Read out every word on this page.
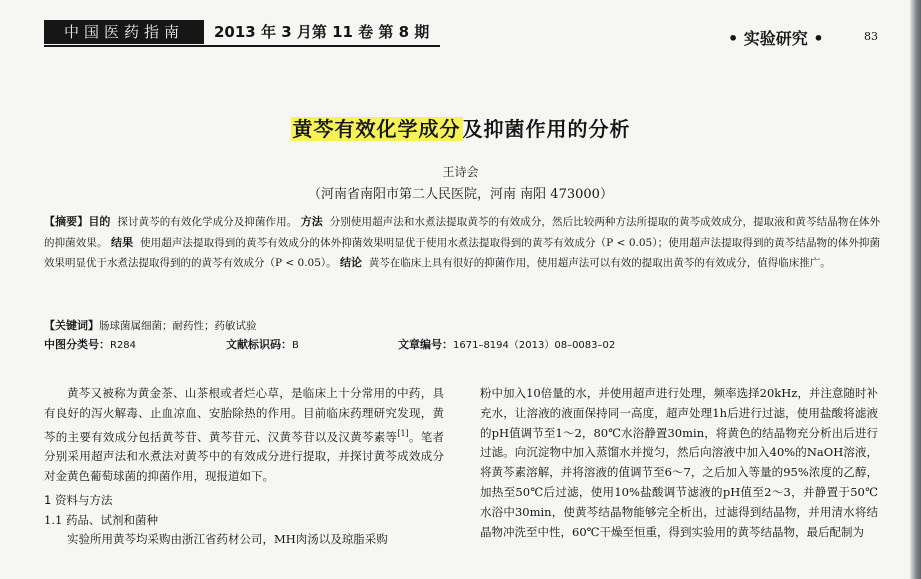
中国医药指南	2013 年 3 月第 11 卷 第 8 期	• 实验研究 •	83
黄芩有效化学成分 及抑菌作用的分析
王诗会
（河南省南阳市第二人民医院，河南 南阳 473000）
【摘要】目的 探讨黄芩的有效化学成分及抑菌作用。 方法 分别使用超声法和水煮法提取黄芩的有效成分，然后比较两种方法所提取的黄芩成效成分，提取液和黄芩结晶物在体外的抑菌效果。 结果 使用超声法提取得到的黄芩有效成分的体外抑菌效果明显优于使用水煮法提取得到的黄芩有效成分（P < 0.05）；使用超声法提取得到的黄芩结晶物的体外抑菌效果明显优于水煮法提取得到的的黄芩有效成分（P < 0.05）。 结论 黄芩在临床上具有很好的抑菌作用，使用超声法可以有效的提取出黄芩的有效成分，值得临床推广。
【关键词】肠球菌属细菌；耐药性；药敏试验
中图分类号：R284	文献标识码：B	文章编号：1671–8194（2013）08–0083–02

黄芩又被称为黄金茶、山茶根或者烂心草，是临床上十分常用的中药，具有良好的泻火解毒、止血凉血、安胎除热的作用。目前临床药理研究发现，黄芩的主要有效成分包括黄芩苷、黄芩苷元、汉黄芩苷以及汉黄芩素等[1]。笔者分别采用超声法和水煮法对黄芩中的有效成分进行提取，并探讨黄芩成效成分对金黄色葡萄球菌的抑菌作用，现报道如下。

1 资料与方法

1.1 药品、试剂和菌种

实验所用黄芩均采购由浙江省药材公司，MH肉汤以及琼脂采购

粉中加入10倍量的水，并使用超声进行处理，频率选择20kHz，并注意随时补充水，让溶液的液面保持同一高度，超声处理1h后进行过滤，使用盐酸将滤液的pH值调节至1～2，80℃水浴静置30min，将黄色的结晶物充分析出后进行过滤。向沉淀物中加入蒸馏水并搅匀，然后向溶液中加入40%的NaOH溶液，将黄芩素溶解，并将溶液的值调节至6～7，之后加入等量的95%浓度的乙醇，加热至50℃后过滤，使用10%盐酸调节滤液的pH值至2～3，并静置于50℃水浴中30min，使黄芩结晶物能够完全析出，过滤得到结晶物，并用清水将结晶物冲洗至中性，60℃干燥至恒重，得到实验用的黄芩结晶物，最后配制为
